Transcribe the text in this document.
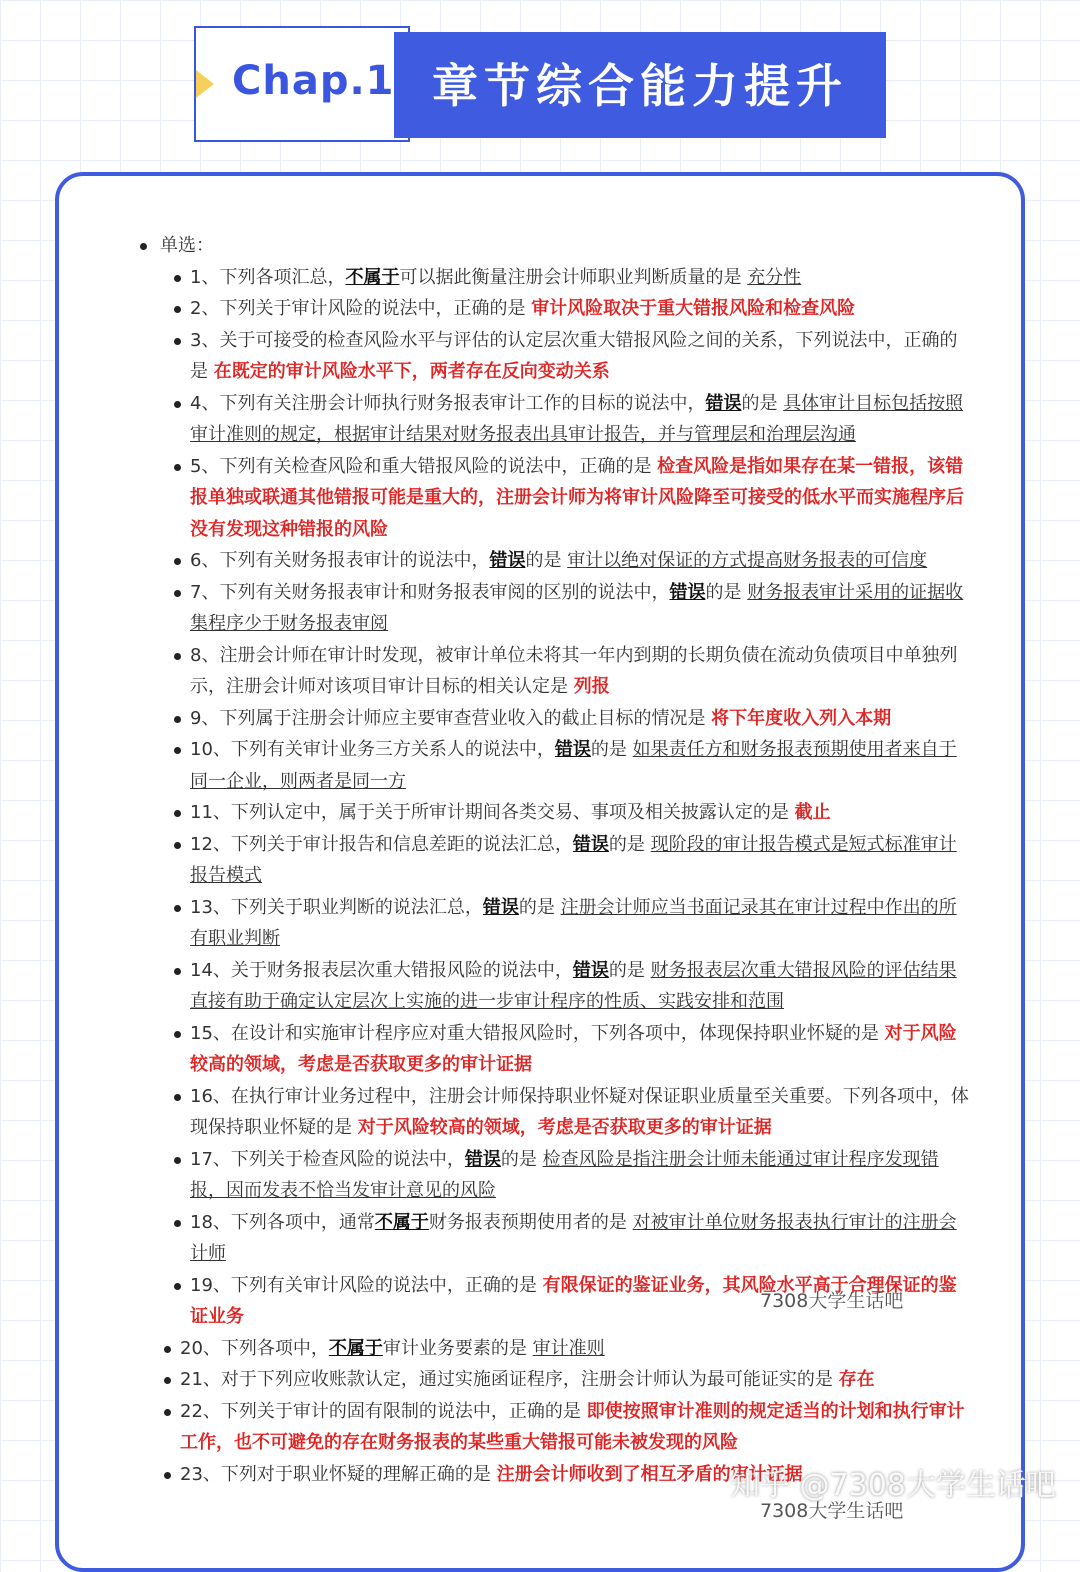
Chap.1 章节综合能力提升
单选：
1、下列各项汇总，不属于可以据此衡量注册会计师职业判断质量的是 充分性
2、下列关于审计风险的说法中，正确的是 审计风险取决于重大错报风险和检查风险
3、关于可接受的检查风险水平与评估的认定层次重大错报风险之间的关系，下列说法中，正确的是 在既定的审计风险水平下，两者存在反向变动关系
4、下列有关注册会计师执行财务报表审计工作的目标的说法中，错误的是 具体审计目标包括按照审计准则的规定，根据审计结果对财务报表出具审计报告，并与管理层和治理层沟通
5、下列有关检查风险和重大错报风险的说法中，正确的是 检查风险是指如果存在某一错报，该错报单独或联通其他错报可能是重大的，注册会计师为将审计风险降至可接受的低水平而实施程序后没有发现这种错报的风险
6、下列有关财务报表审计的说法中，错误的是 审计以绝对保证的方式提高财务报表的可信度
7、下列有关财务报表审计和财务报表审阅的区别的说法中，错误的是 财务报表审计采用的证据收集程序少于财务报表审阅
8、注册会计师在审计时发现，被审计单位未将其一年内到期的长期负债在流动负债项目中单独列示，注册会计师对该项目审计目标的相关认定是 列报
9、下列属于注册会计师应主要审查营业收入的截止目标的情况是 将下年度收入列入本期
10、下列有关审计业务三方关系人的说法中，错误的是 如果责任方和财务报表预期使用者来自于同一企业，则两者是同一方
11、下列认定中，属于关于所审计期间各类交易、事项及相关披露认定的是 截止
12、下列关于审计报告和信息差距的说法汇总，错误的是 现阶段的审计报告模式是短式标准审计报告模式
13、下列关于职业判断的说法汇总，错误的是 注册会计师应当书面记录其在审计过程中作出的所有职业判断
14、关于财务报表层次重大错报风险的说法中，错误的是 财务报表层次重大错报风险的评估结果直接有助于确定认定层次上实施的进一步审计程序的性质、实践安排和范围
15、在设计和实施审计程序应对重大错报风险时，下列各项中，体现保持职业怀疑的是 对于风险较高的领域，考虑是否获取更多的审计证据
16、在执行审计业务过程中，注册会计师保持职业怀疑对保证职业质量至关重要。下列各项中，体现保持职业怀疑的是 对于风险较高的领域，考虑是否获取更多的审计证据
17、下列关于检查风险的说法中，错误的是 检查风险是指注册会计师未能通过审计程序发现错报，因而发表不恰当发审计意见的风险
18、下列各项中，通常不属于财务报表预期使用者的是 对被审计单位财务报表执行审计的注册会计师
19、下列有关审计风险的说法中，正确的是 有限保证的鉴证业务，其风险水平高于合理保证的鉴证业务
20、下列各项中，不属于审计业务要素的是 审计准则
21、对于下列应收账款认定，通过实施函证程序，注册会计师认为最可能证实的是 存在
22、下列关于审计的固有限制的说法中，正确的是 即使按照审计准则的规定适当的计划和执行审计工作，也不可避免的存在财务报表的某些重大错报可能未被发现的风险
23、下列对于职业怀疑的理解正确的是 注册会计师收到了相互矛盾的审计证据
7308大学生话吧
知乎 @7308大学生话吧
7308大学生话吧
